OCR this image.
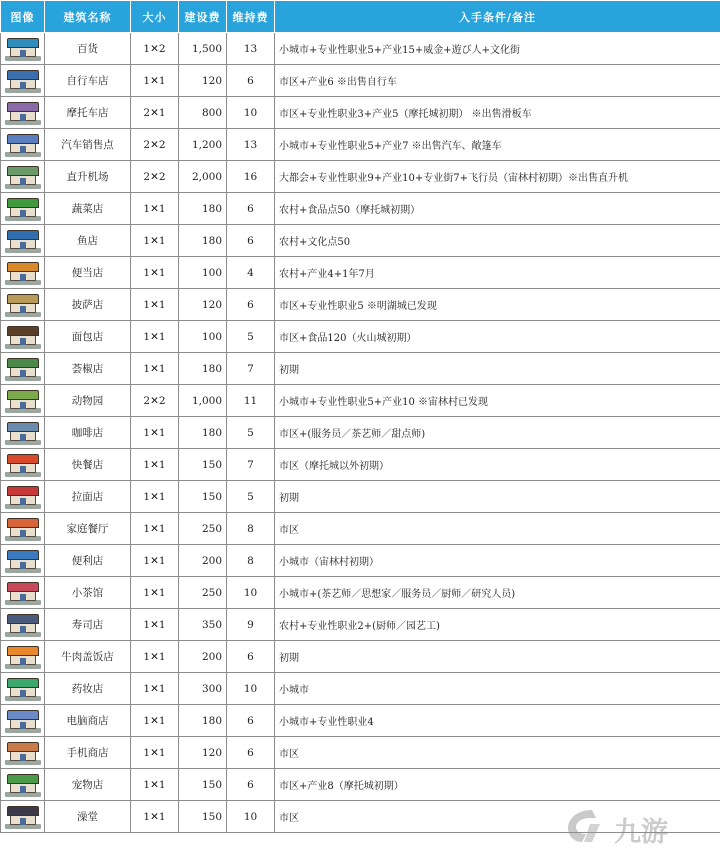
图像	建筑名称	大小	建设费	维持费	入手条件/备注

	百货	1✕2	1,500	13	小城市+专业性职业5+产业15+威金+遊び人+文化街

	自行车店	1✕1	120	6	市区+产业6 ※出售自行车

	摩托车店	2✕1	800	10	市区+专业性职业3+产业5（摩托城初期） ※出售滑板车

	汽车销售点	2✕2	1,200	13	小城市+专业性职业5+产业7 ※出售汽车、敞篷车

	直升机场	2✕2	2,000	16	大都会+专业性职业9+产业10+专业街7+飞行员（宙林村初期）※出售直升机

	蔬菜店	1✕1	180	6	农村+食品点50（摩托城初期）

	鱼店	1✕1	180	6	农村+文化点50

	便当店	1✕1	100	4	农村+产业4+1年7月

	披萨店	1✕1	120	6	市区+专业性职业5 ※明湖城已发现

	面包店	1✕1	100	5	市区+食品120（火山城初期）

	荟椒店	1✕1	180	7	初期

	动物园	2✕2	1,000	11	小城市+专业性职业5+产业10 ※宙林村已发现

	咖啡店	1✕1	180	5	市区+(服务员／茶艺师／甜点师)

	快餐店	1✕1	150	7	市区（摩托城以外初期）

	拉面店	1✕1	150	5	初期

	家庭餐厅	1✕1	250	8	市区

	便利店	1✕1	200	8	小城市（宙林村初期）

	小茶馆	1✕1	250	10	小城市+(茶艺师／思想家／服务员／厨师／研究人员)

	寿司店	1✕1	350	9	农村+专业性职业2+(厨师／园艺工)

	牛肉盖饭店	1✕1	200	6	初期

	药妆店	1✕1	300	10	小城市

	电脑商店	1✕1	180	6	小城市+专业性职业4

	手机商店	1✕1	120	6	市区

	宠物店	1✕1	150	6	市区+产业8（摩托城初期）

	澡堂	1✕1	150	10	市区	九游
